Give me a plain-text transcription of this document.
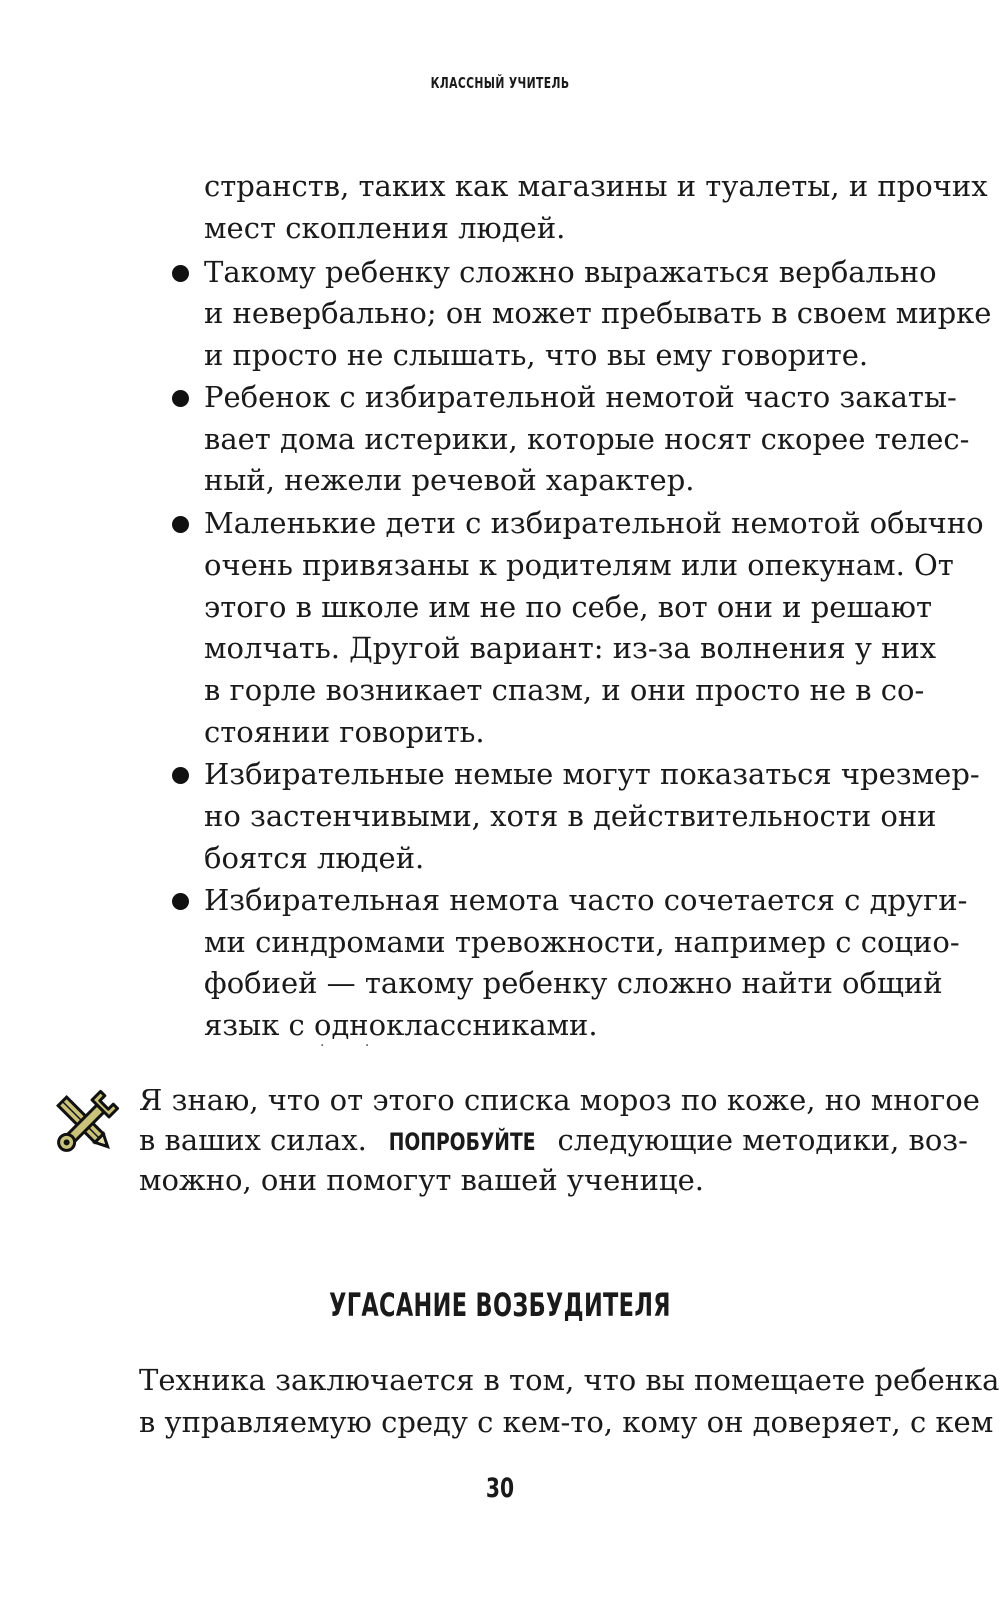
КЛАССНЫЙ УЧИТЕЛЬ
странств, таких как магазины и туалеты, и прочих
мест скопления людей.
Такому ребенку сложно выражаться вербально
и невербально; он может пребывать в своем мирке
и просто не слышать, что вы ему говорите.
Ребенок с избирательной немотой часто закаты-
вает дома истерики, которые носят скорее телес-
ный, нежели речевой характер.
Маленькие дети с избирательной немотой обычно
очень привязаны к родителям или опекунам. От
этого в школе им не по себе, вот они и решают
молчать. Другой вариант: из-за волнения у них
в горле возникает спазм, и они просто не в со-
стоянии говорить.
Избирательные немые могут показаться чрезмер-
но застенчивыми, хотя в действительности они
боятся людей.
Избирательная немота часто сочетается с други-
ми синдромами тревожности, например с социо-
фобией — такому ребенку сложно найти общий
язык с одноклассниками.
· ·
Я знаю, что от этого списка мороз по коже, но многое
в ваших силах. ПОПРОБУЙТЕ следующие методики, воз-
можно, они помогут вашей ученице.
УГАСАНИЕ ВОЗБУДИТЕЛЯ
Техника заключается в том, что вы помещаете ребенка
в управляемую среду с кем-то, кому он доверяет, с кем
30
